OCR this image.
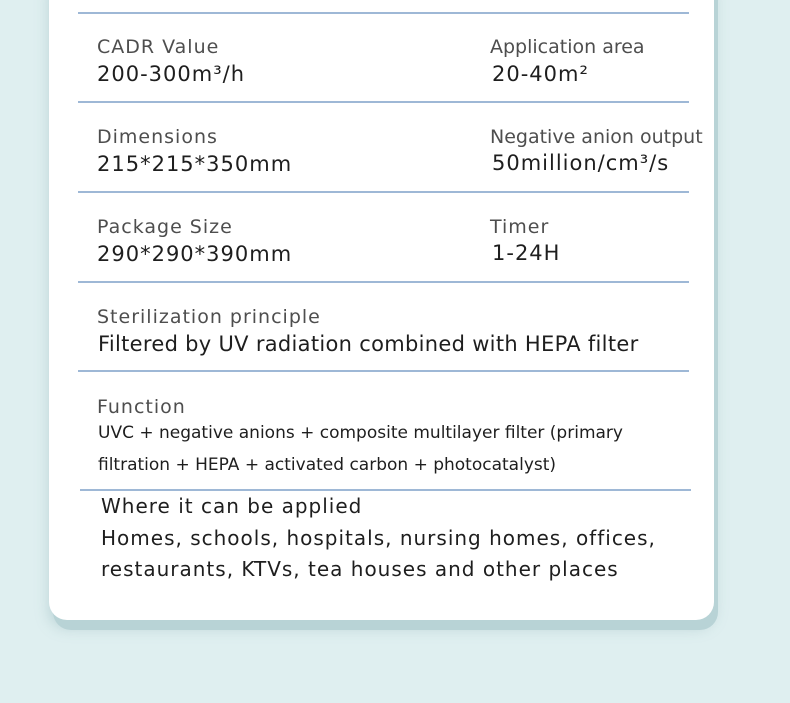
CADR Value
200-300m³/h
Application area
20-40m²
Dimensions
215*215*350mm
Negative anion output
50million/cm³/s
Package Size
290*290*390mm
Timer
1-24H
Sterilization principle
Filtered by UV radiation combined with HEPA filter
Function
UVC + negative anions + composite multilayer filter (primary filtration + HEPA + activated carbon + photocatalyst)
Where it can be applied
Homes, schools, hospitals, nursing homes, offices, restaurants, KTVs, tea houses and other places
